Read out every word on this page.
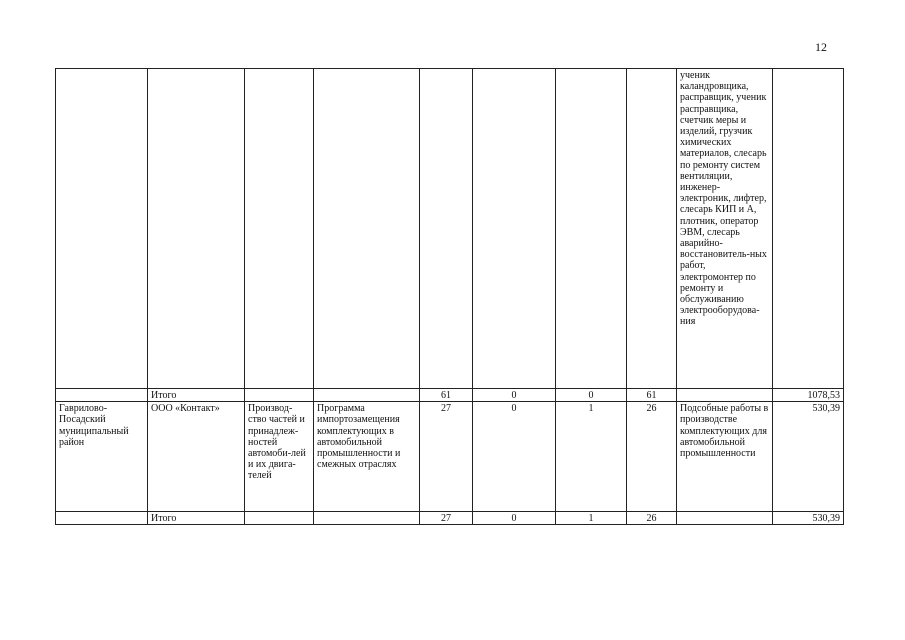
12
								ученик каландровщика, расправщик, ученик расправщика, счетчик меры и изделий, грузчик химических материалов, слесарь по ремонту систем вентиляции, инженер-электроник, лифтер, слесарь КИП и А, плотник, оператор ЭВМ, слесарь аварийно-восстановитель-ных работ, электромонтер по ремонту и обслуживанию электрооборудова-ния	
	Итого			61	0	0	61		1078,53
Гаврилово-Посадский муниципальный район	ООО «Контакт»	Производ-ство частей и принадлеж-ностей автомоби-лей и их двига-телей	Программа импортозамещения комплектующих в автомобильной промышленности и смежных отраслях	27	0	1	26	Подсобные работы в производстве комплектующих для автомобильной промышленности	530,39
	Итого			27	0	1	26		530,39
